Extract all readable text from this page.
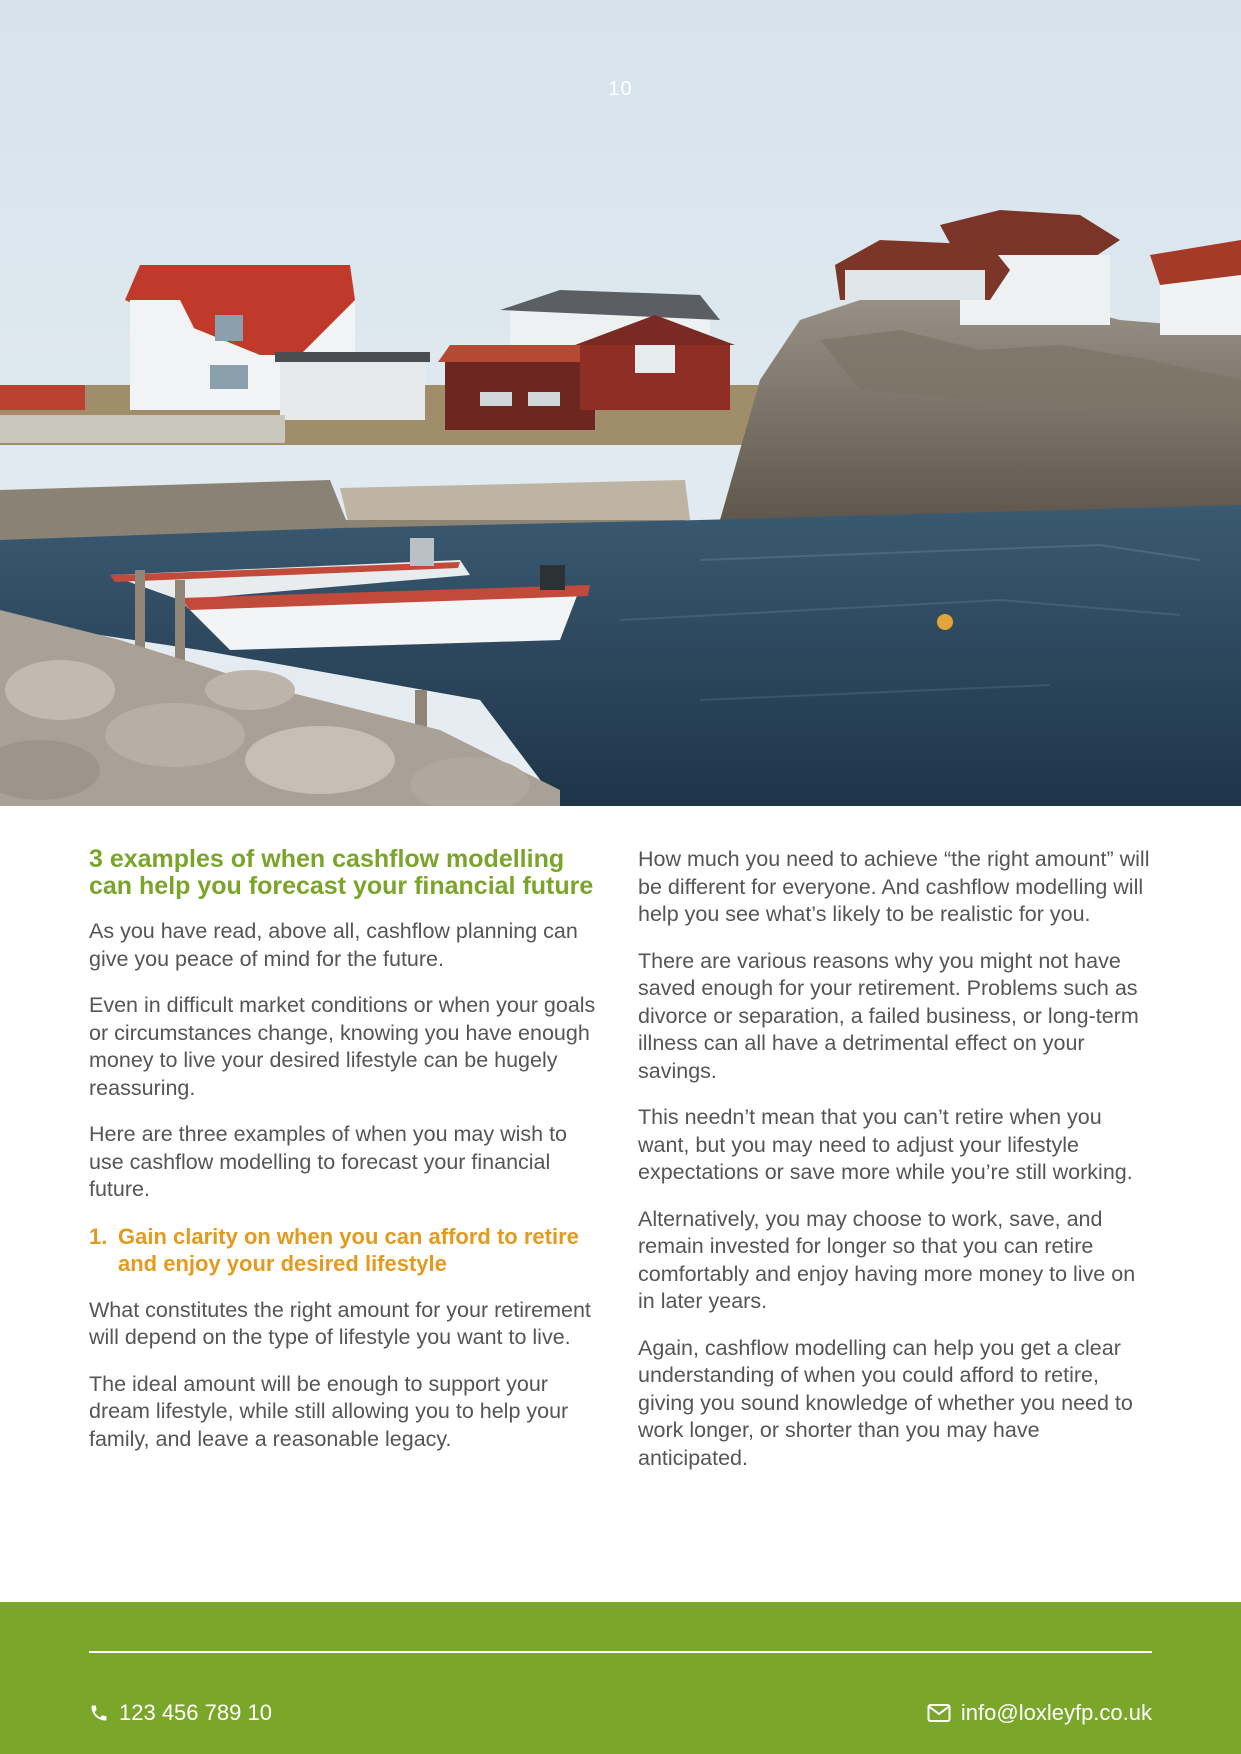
10
3 examples of when cashflow modelling can help you forecast your financial future

As you have read, above all, cashflow planning can give you peace of mind for the future.

Even in difficult market conditions or when your goals or circumstances change, knowing you have enough money to live your desired lifestyle can be hugely reassuring.

Here are three examples of when you may wish to use cashflow modelling to forecast your financial future.

1. Gain clarity on when you can afford to retire and enjoy your desired lifestyle

What constitutes the right amount for your retirement will depend on the type of lifestyle you want to live.

The ideal amount will be enough to support your dream lifestyle, while still allowing you to help your family, and leave a reasonable legacy.

How much you need to achieve “the right amount” will be different for everyone. And cashflow modelling will help you see what’s likely to be realistic for you.

There are various reasons why you might not have saved enough for your retirement. Problems such as divorce or separation, a failed business, or long-term illness can all have a detrimental effect on your savings.

This needn’t mean that you can’t retire when you want, but you may need to adjust your lifestyle expectations or save more while you’re still working.

Alternatively, you may choose to work, save, and remain invested for longer so that you can retire comfortably and enjoy having more money to live on in later years.

Again, cashflow modelling can help you get a clear understanding of when you could afford to retire, giving you sound knowledge of whether you need to work longer, or shorter than you may have anticipated.

123 456 789 10	info@loxleyfp.co.uk
